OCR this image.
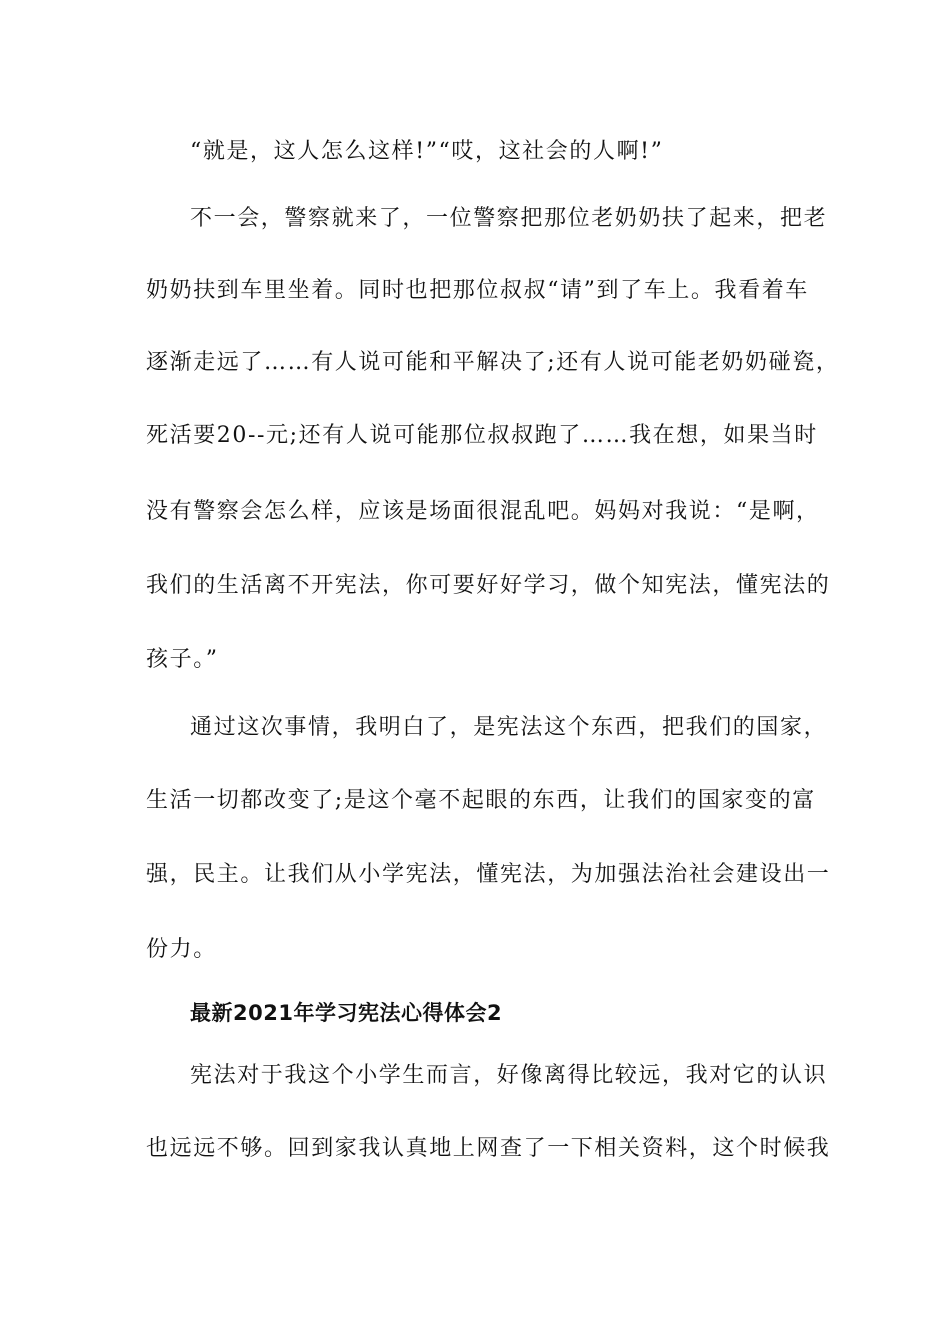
“就是，这人怎么这样!”“哎，这社会的人啊!”
不一会，警察就来了，一位警察把那位老奶奶扶了起来，把老
奶奶扶到车里坐着。同时也把那位叔叔“请”到了车上。我看着车
逐渐走远了……有人说可能和平解决了;还有人说可能老奶奶碰瓷，
死活要20--元;还有人说可能那位叔叔跑了……我在想，如果当时
没有警察会怎么样，应该是场面很混乱吧。妈妈对我说：“是啊，
我们的生活离不开宪法，你可要好好学习，做个知宪法，懂宪法的
孩子。”
通过这次事情，我明白了，是宪法这个东西，把我们的国家，
生活一切都改变了;是这个毫不起眼的东西，让我们的国家变的富
强，民主。让我们从小学宪法，懂宪法，为加强法治社会建设出一
份力。
最新2021年学习宪法心得体会2
宪法对于我这个小学生而言，好像离得比较远，我对它的认识
也远远不够。回到家我认真地上网查了一下相关资料，这个时候我
